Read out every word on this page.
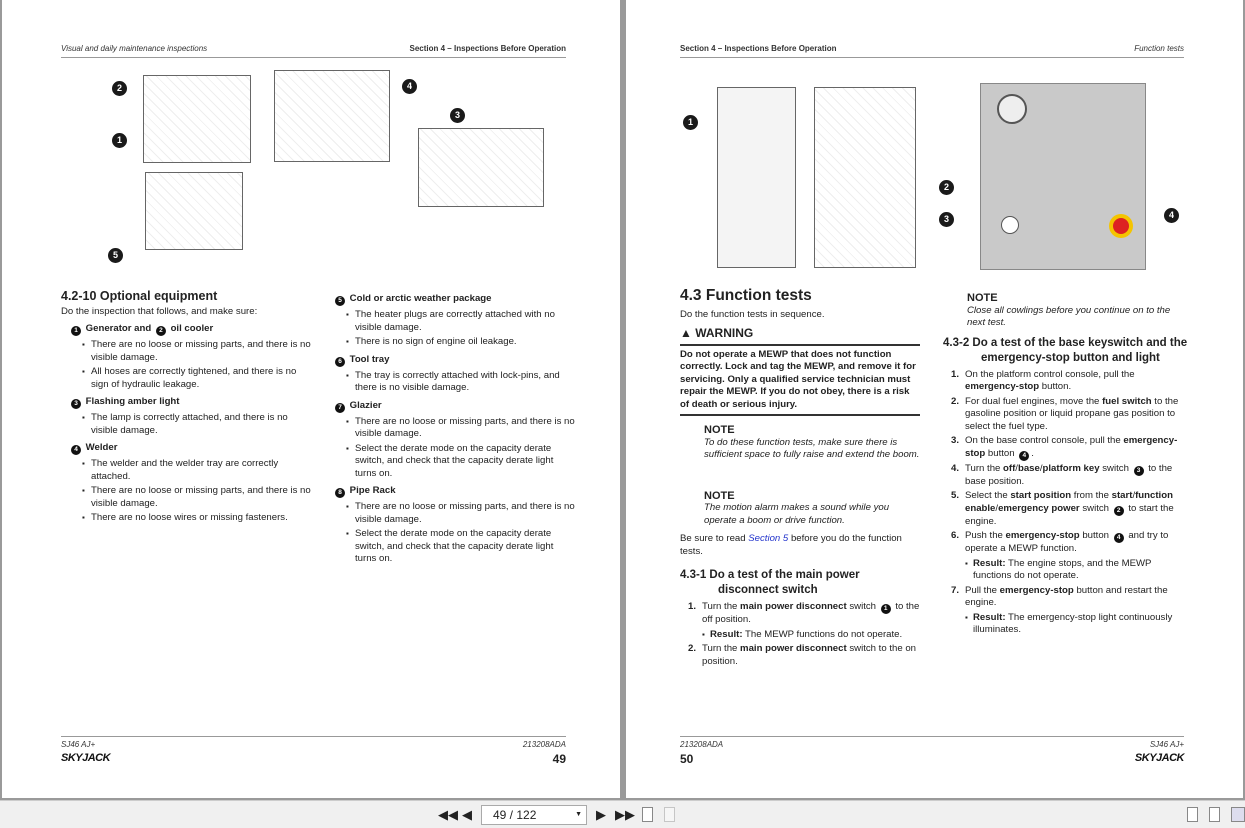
Visual and daily maintenance inspections	Section 4 – Inspections Before Operation
2
1
4
3
5
4.2-10 Optional equipment
Do the inspection that follows, and make sure:
1 Generator and 2 oil cooler
▪ There are no loose or missing parts, and there is no visible damage.
▪ All hoses are correctly tightened, and there is no sign of hydraulic leakage.
3 Flashing amber light
▪ The lamp is correctly attached, and there is no visible damage.
4 Welder
▪ The welder and the welder tray are correctly attached.
▪ There are no loose or missing parts, and there is no visible damage.
▪ There are no loose wires or missing fasteners.
5 Cold or arctic weather package
▪ The heater plugs are correctly attached with no visible damage.
▪ There is no sign of engine oil leakage.
6 Tool tray
▪ The tray is correctly attached with lock-pins, and there is no visible damage.
7 Glazier
▪ There are no loose or missing parts, and there is no visible damage.
▪ Select the derate mode on the capacity derate switch, and check that the capacity derate light turns on.
8 Pipe Rack
▪ There are no loose or missing parts, and there is no visible damage.
▪ Select the derate mode on the capacity derate switch, and check that the capacity derate light turns on.
SJ46 AJ+	213208ADA
SKYJACK	49
Section 4 – Inspections Before Operation	Function tests
1
2
3	4
4.3 Function tests
Do the function tests in sequence.
▲ WARNING
Do not operate a MEWP that does not function correctly. Lock and tag the MEWP, and remove it for servicing. Only a qualified service technician must repair the MEWP. If you do not obey, there is a risk of death or serious injury.
NOTE
To do these function tests, make sure there is sufficient space to fully raise and extend the boom.
NOTE
The motion alarm makes a sound while you operate a boom or drive function.
Be sure to read Section 5 before you do the function tests.
4.3-1 Do a test of the main power disconnect switch
1. Turn the main power disconnect switch 1 to the off position.
▪ Result: The MEWP functions do not operate.
2. Turn the main power disconnect switch to the on position.
NOTE
Close all cowlings before you continue on to the next test.
4.3-2 Do a test of the base keyswitch and the emergency-stop button and light
1. On the platform control console, pull the emergency-stop button.
2. For dual fuel engines, move the fuel switch to the gasoline position or liquid propane gas position to select the fuel type.
3. On the base control console, pull the emergency-stop button 4 .
4. Turn the off/base/platform key switch 3 to the base position.
5. Select the start position from the start/function enable/emergency power switch 2 to start the engine.
6. Push the emergency-stop button 4 and try to operate a MEWP function.
▪ Result: The engine stops, and the MEWP functions do not operate.
7. Pull the emergency-stop button and restart the engine.
▪ Result: The emergency-stop light continuously illuminates.
213208ADA	SJ46 AJ+
50	SKYJACK
◀◀ ◀	49 / 122	▼ ▶ ▶▶
